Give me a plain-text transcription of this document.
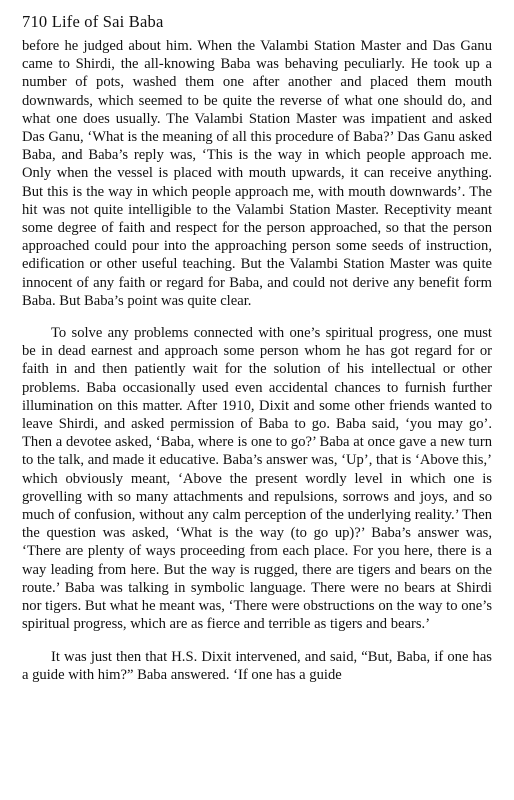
710 Life of Sai Baba

before he judged about him. When the Valambi Station Master and Das Ganu came to Shirdi, the all-knowing Baba was behaving peculiarly. He took up a number of pots, washed them one after another and placed them mouth downwards, which seemed to be quite the reverse of what one should do, and what one does usually. The Valambi Station Master was impatient and asked Das Ganu, ‘What is the meaning of all this procedure of Baba?’ Das Ganu asked Baba, and Baba’s reply was, ‘This is the way in which people approach me. Only when the vessel is placed with mouth upwards, it can receive anything. But this is the way in which people approach me, with mouth downwards’. The hit was not quite intelligible to the Valambi Station Master. Receptivity meant some degree of faith and respect for the person approached, so that the person approached could pour into the approaching person some seeds of instruction, edification or other useful teaching. But the Valambi Station Master was quite innocent of any faith or regard for Baba, and could not derive any benefit form Baba. But Baba’s point was quite clear.

To solve any problems connected with one’s spiritual progress, one must be in dead earnest and approach some person whom he has got regard for or faith in and then patiently wait for the solution of his intellectual or other problems. Baba occasionally used even accidental chances to furnish further illumination on this matter. After 1910, Dixit and some other friends wanted to leave Shirdi, and asked permission of Baba to go. Baba said, ‘you may go’. Then a devotee asked, ‘Baba, where is one to go?’ Baba at once gave a new turn to the talk, and made it educative. Baba’s answer was, ‘Up’, that is ‘Above this,’ which obviously meant, ‘Above the present wordly level in which one is grovelling with so many attachments and repulsions, sorrows and joys, and so much of confusion, without any calm perception of the underlying reality.’ Then the question was asked, ‘What is the way (to go up)?’ Baba’s answer was, ‘There are plenty of ways proceeding from each place. For you here, there is a way leading from here. But the way is rugged, there are tigers and bears on the route.’ Baba was talking in symbolic language. There were no bears at Shirdi nor tigers. But what he meant was, ‘There were obstructions on the way to one’s spiritual progress, which are as fierce and terrible as tigers and bears.’

It was just then that H.S. Dixit intervened, and said, “But, Baba, if one has a guide with him?” Baba answered. ‘If one has a guide
